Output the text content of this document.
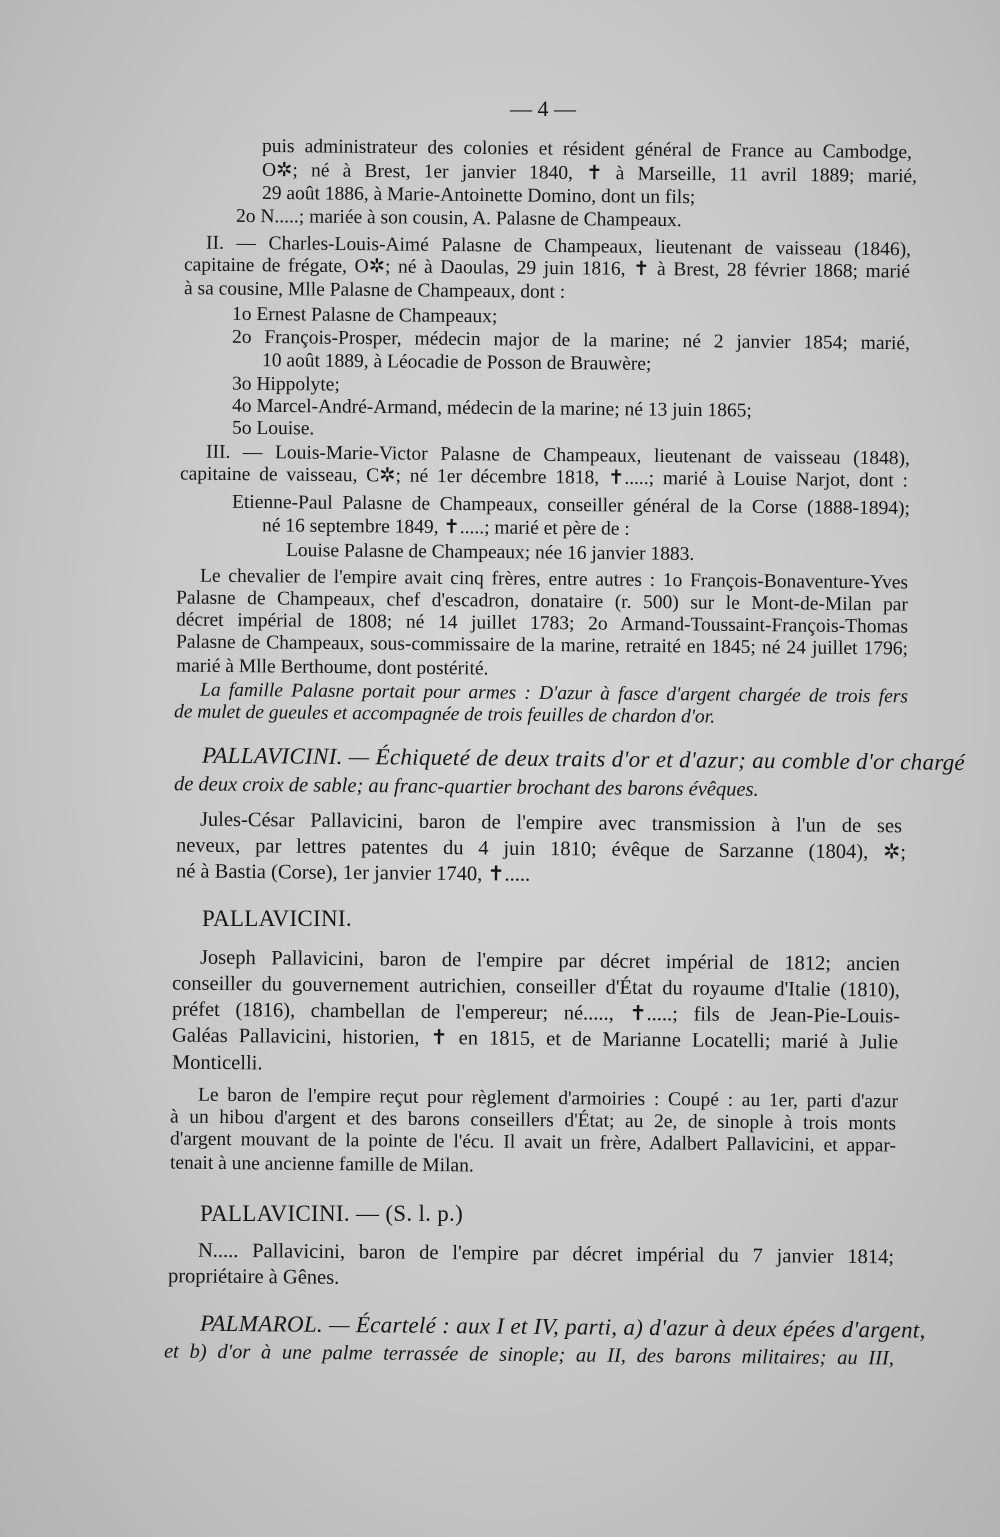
— 4 —
puis administrateur des colonies et résident général de France au Cambodge,
O✲; né à Brest, 1er janvier 1840, ✝ à Marseille, 11 avril 1889; marié,
29 août 1886, à Marie-Antoinette Domino, dont un fils;
2o N.....; mariée à son cousin, A. Palasne de Champeaux.
II. — Charles-Louis-Aimé Palasne de Champeaux, lieutenant de vaisseau (1846),
capitaine de frégate, O✲; né à Daoulas, 29 juin 1816, ✝ à Brest, 28 février 1868; marié
à sa cousine, Mlle Palasne de Champeaux, dont :
1o Ernest Palasne de Champeaux;
2o François-Prosper, médecin major de la marine; né 2 janvier 1854; marié,
10 août 1889, à Léocadie de Posson de Brauwère;
3o Hippolyte;
4o Marcel-André-Armand, médecin de la marine; né 13 juin 1865;
5o Louise.
III. — Louis-Marie-Victor Palasne de Champeaux, lieutenant de vaisseau (1848),
capitaine de vaisseau, C✲; né 1er décembre 1818, ✝.....; marié à Louise Narjot, dont :
Etienne-Paul Palasne de Champeaux, conseiller général de la Corse (1888-1894);
né 16 septembre 1849, ✝.....; marié et père de :
Louise Palasne de Champeaux; née 16 janvier 1883.
Le chevalier de l'empire avait cinq frères, entre autres : 1o François-Bonaventure-Yves
Palasne de Champeaux, chef d'escadron, donataire (r. 500) sur le Mont-de-Milan par
décret impérial de 1808; né 14 juillet 1783; 2o Armand-Toussaint-François-Thomas
Palasne de Champeaux, sous-commissaire de la marine, retraité en 1845; né 24 juillet 1796;
marié à Mlle Berthoume, dont postérité.
La famille Palasne portait pour armes : D'azur à fasce d'argent chargée de trois fers
de mulet de gueules et accompagnée de trois feuilles de chardon d'or.
PALLAVICINI. — Échiqueté de deux traits d'or et d'azur; au comble d'or chargé
de deux croix de sable; au franc-quartier brochant des barons évêques.
Jules-César Pallavicini, baron de l'empire avec transmission à l'un de ses
neveux, par lettres patentes du 4 juin 1810; évêque de Sarzanne (1804), ✲;
né à Bastia (Corse), 1er janvier 1740, ✝.....
PALLAVICINI.
Joseph Pallavicini, baron de l'empire par décret impérial de 1812; ancien
conseiller du gouvernement autrichien, conseiller d'État du royaume d'Italie (1810),
préfet (1816), chambellan de l'empereur; né....., ✝.....; fils de Jean-Pie-Louis-
Galéas Pallavicini, historien, ✝ en 1815, et de Marianne Locatelli; marié à Julie
Monticelli.
Le baron de l'empire reçut pour règlement d'armoiries : Coupé : au 1er, parti d'azur
à un hibou d'argent et des barons conseillers d'État; au 2e, de sinople à trois monts
d'argent mouvant de la pointe de l'écu. Il avait un frère, Adalbert Pallavicini, et appar-
tenait à une ancienne famille de Milan.
PALLAVICINI. — (S. l. p.)
N..... Pallavicini, baron de l'empire par décret impérial du 7 janvier 1814;
propriétaire à Gênes.
PALMAROL. — Écartelé : aux I et IV, parti, a) d'azur à deux épées d'argent,
et b) d'or à une palme terrassée de sinople; au II, des barons militaires; au III,
